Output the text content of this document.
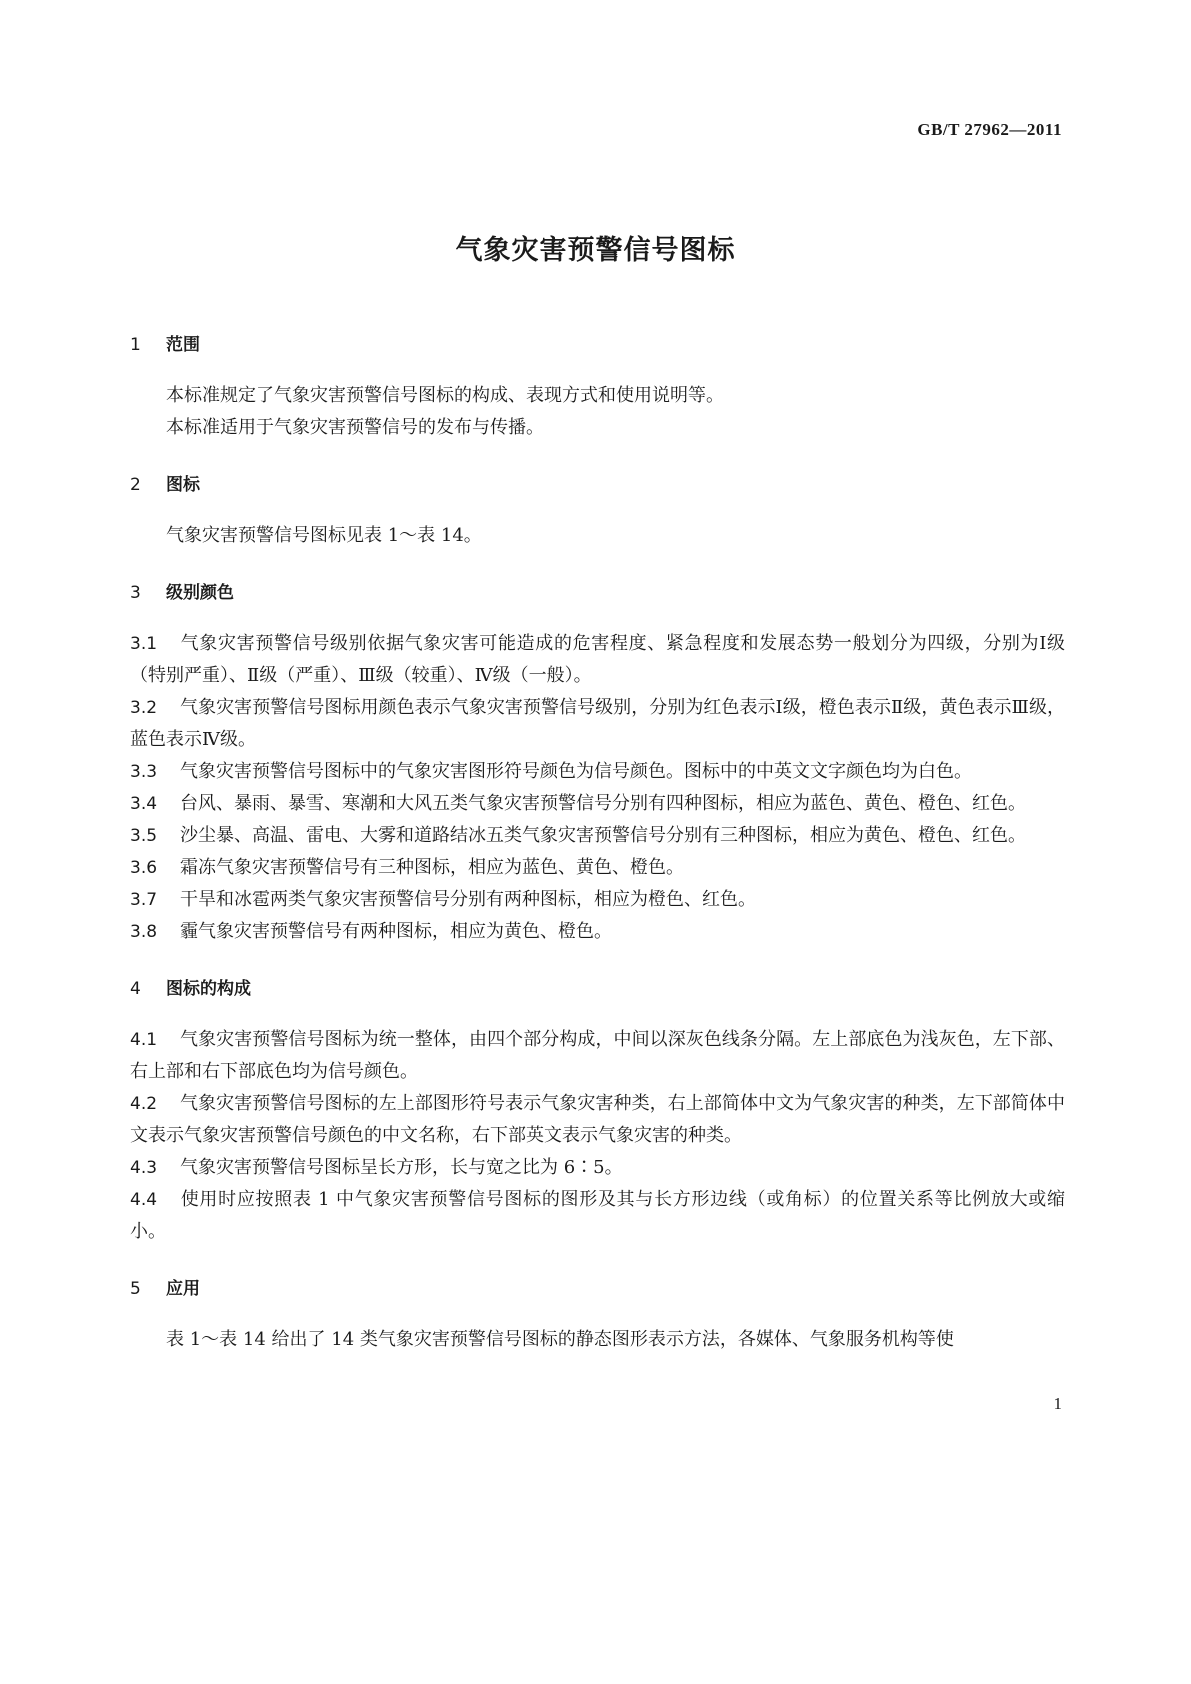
GB/T 27962—2011
气象灾害预警信号图标
1	范围

本标准规定了气象灾害预警信号图标的构成、表现方式和使用说明等。

本标准适用于气象灾害预警信号的发布与传播。

2	图标

气象灾害预警信号图标见表 1～表 14。

3	级别颜色

3.1 气象灾害预警信号级别依据气象灾害可能造成的危害程度、紧急程度和发展态势一般划分为四级，分别为Ⅰ级（特别严重）、Ⅱ级（严重）、Ⅲ级（较重）、Ⅳ级（一般）。

3.2 气象灾害预警信号图标用颜色表示气象灾害预警信号级别，分别为红色表示Ⅰ级，橙色表示Ⅱ级，黄色表示Ⅲ级，蓝色表示Ⅳ级。

3.3 气象灾害预警信号图标中的气象灾害图形符号颜色为信号颜色。图标中的中英文文字颜色均为白色。

3.4 台风、暴雨、暴雪、寒潮和大风五类气象灾害预警信号分别有四种图标，相应为蓝色、黄色、橙色、红色。

3.5 沙尘暴、高温、雷电、大雾和道路结冰五类气象灾害预警信号分别有三种图标，相应为黄色、橙色、红色。

3.6 霜冻气象灾害预警信号有三种图标，相应为蓝色、黄色、橙色。

3.7 干旱和冰雹两类气象灾害预警信号分别有两种图标，相应为橙色、红色。

3.8 霾气象灾害预警信号有两种图标，相应为黄色、橙色。

4	图标的构成

4.1 气象灾害预警信号图标为统一整体，由四个部分构成，中间以深灰色线条分隔。左上部底色为浅灰色，左下部、右上部和右下部底色均为信号颜色。

4.2 气象灾害预警信号图标的左上部图形符号表示气象灾害种类，右上部简体中文为气象灾害的种类，左下部简体中文表示气象灾害预警信号颜色的中文名称，右下部英文表示气象灾害的种类。

4.3 气象灾害预警信号图标呈长方形，长与宽之比为 6∶5。

4.4 使用时应按照表 1 中气象灾害预警信号图标的图形及其与长方形边线（或角标）的位置关系等比例放大或缩小。

5	应用

表 1～表 14 给出了 14 类气象灾害预警信号图标的静态图形表示方法，各媒体、气象服务机构等使

1
